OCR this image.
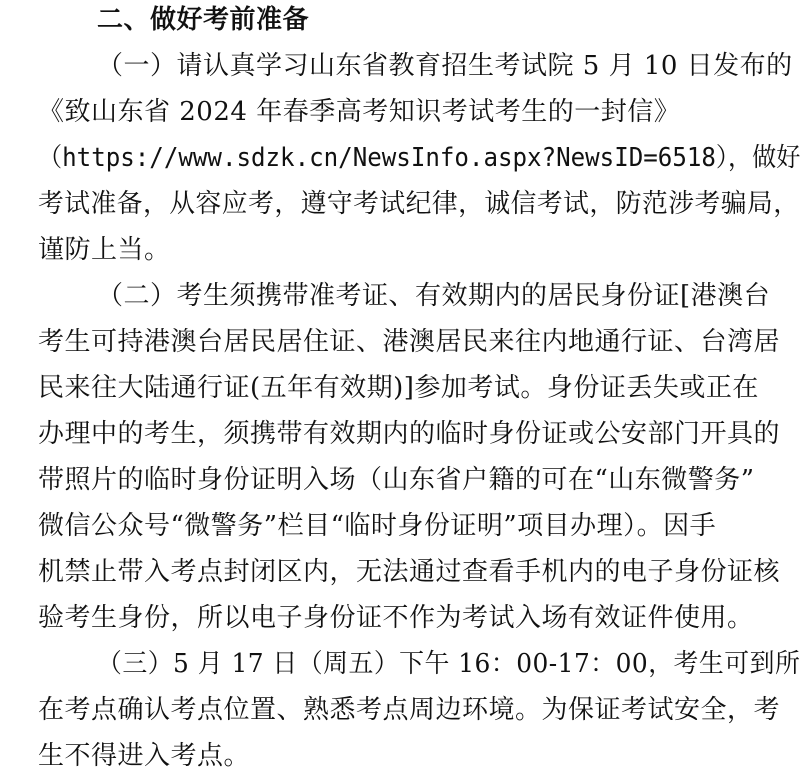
二、做好考前准备
（一）请认真学习山东省教育招生考试院 5 月 10 日发布的
《致山东省 2024 年春季高考知识考试考生的一封信》
（https://www.sdzk.cn/NewsInfo.aspx?NewsID=6518），做好
考试准备，从容应考，遵守考试纪律，诚信考试，防范涉考骗局，
谨防上当。
（二）考生须携带准考证、有效期内的居民身份证[港澳台
考生可持港澳台居民居住证、港澳居民来往内地通行证、台湾居
民来往大陆通行证(五年有效期)]参加考试。身份证丢失或正在
办理中的考生，须携带有效期内的临时身份证或公安部门开具的
带照片的临时身份证明入场（山东省户籍的可在“山东微警务”
微信公众号“微警务”栏目“临时身份证明”项目办理）。因手
机禁止带入考点封闭区内，无法通过查看手机内的电子身份证核
验考生身份，所以电子身份证不作为考试入场有效证件使用。
（三）5 月 17 日（周五）下午 16：00-17：00，考生可到所
在考点确认考点位置、熟悉考点周边环境。为保证考试安全，考
生不得进入考点。
